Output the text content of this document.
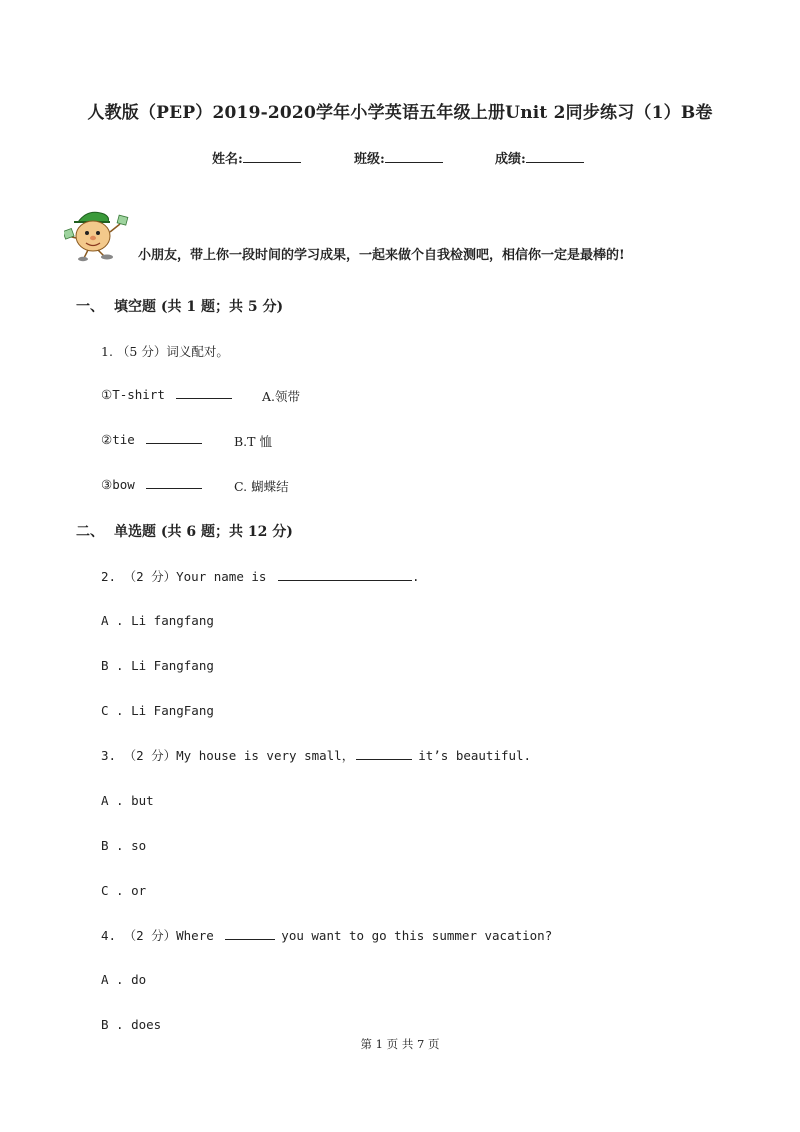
人教版（PEP）2019-2020学年小学英语五年级上册Unit 2同步练习（1）B卷
姓名:	班级:	成绩:
小朋友，带上你一段时间的学习成果，一起来做个自我检测吧，相信你一定是最棒的!
一、 填空题 (共 1 题；共 5 分)
1. （5 分）词义配对。
①T-shirt	A.领带
②tie	B.T 恤
③bow	C. 蝴蝶结
二、 单选题 (共 6 题；共 12 分)
2. （2 分）Your name is	.
A . Li fangfang
B . Li Fangfang
C . Li FangFang
3. （2 分）My house is very small，	it’s beautiful.
A . but
B . so
C . or
4. （2 分）Where	you want to go this summer vacation?
A . do
B . does
第 1 页 共 7 页
